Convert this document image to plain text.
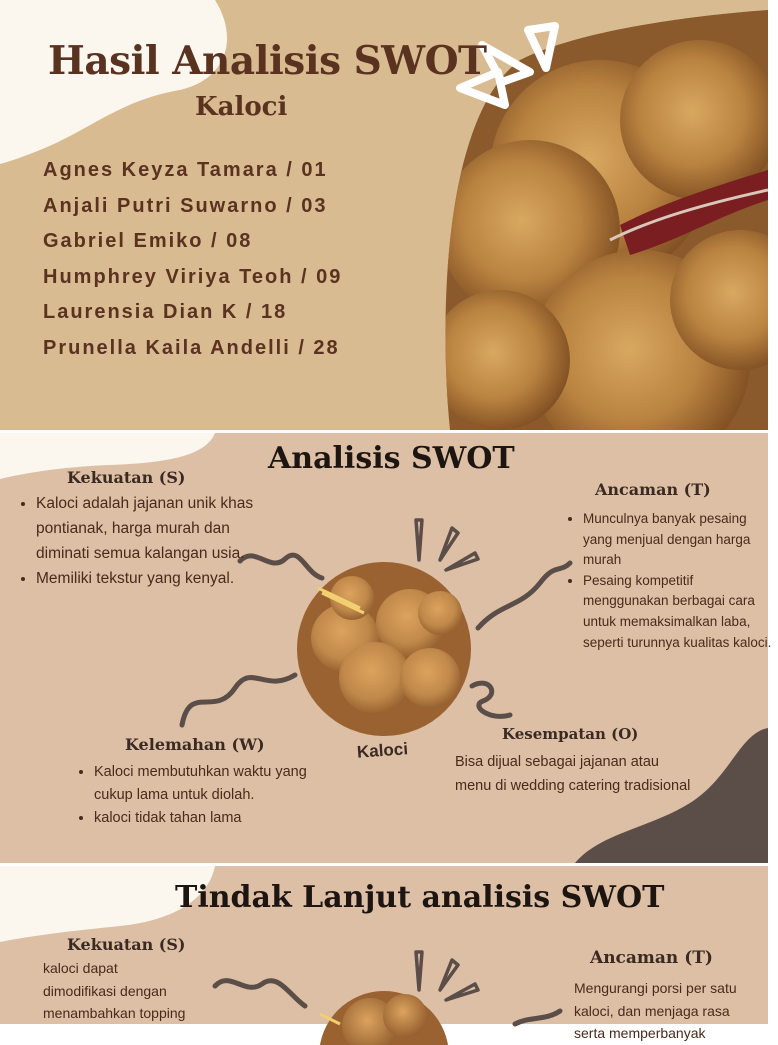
Hasil Analisis SWOT
Kaloci
Agnes Keyza Tamara / 01
Anjali Putri Suwarno / 03
Gabriel Emiko / 08
Humphrey Viriya Teoh / 09
Laurensia Dian K / 18
Prunella Kaila Andelli / 28
Analisis SWOT
Kekuatan (S)
• Kaloci adalah jajanan unik khas pontianak, harga murah dan diminati semua kalangan usia.
• Memiliki tekstur yang kenyal.
Ancaman (T)
• Munculnya banyak pesaing yang menjual dengan harga murah
• Pesaing kompetitif menggunakan berbagai cara untuk memaksimalkan laba, seperti turunnya kualitas kaloci.
Kaloci
Kelemahan (W)
• Kaloci membutuhkan waktu yang cukup lama untuk diolah.
• kaloci tidak tahan lama
Kesempatan (O)
Bisa dijual sebagai jajanan atau menu di wedding catering tradisional
Tindak Lanjut analisis SWOT
Kekuatan (S)
kaloci dapat
dimodifikasi dengan
menambahkan topping
Ancaman (T)
Mengurangi porsi per satu
kaloci, dan menjaga rasa
serta memperbanyak
